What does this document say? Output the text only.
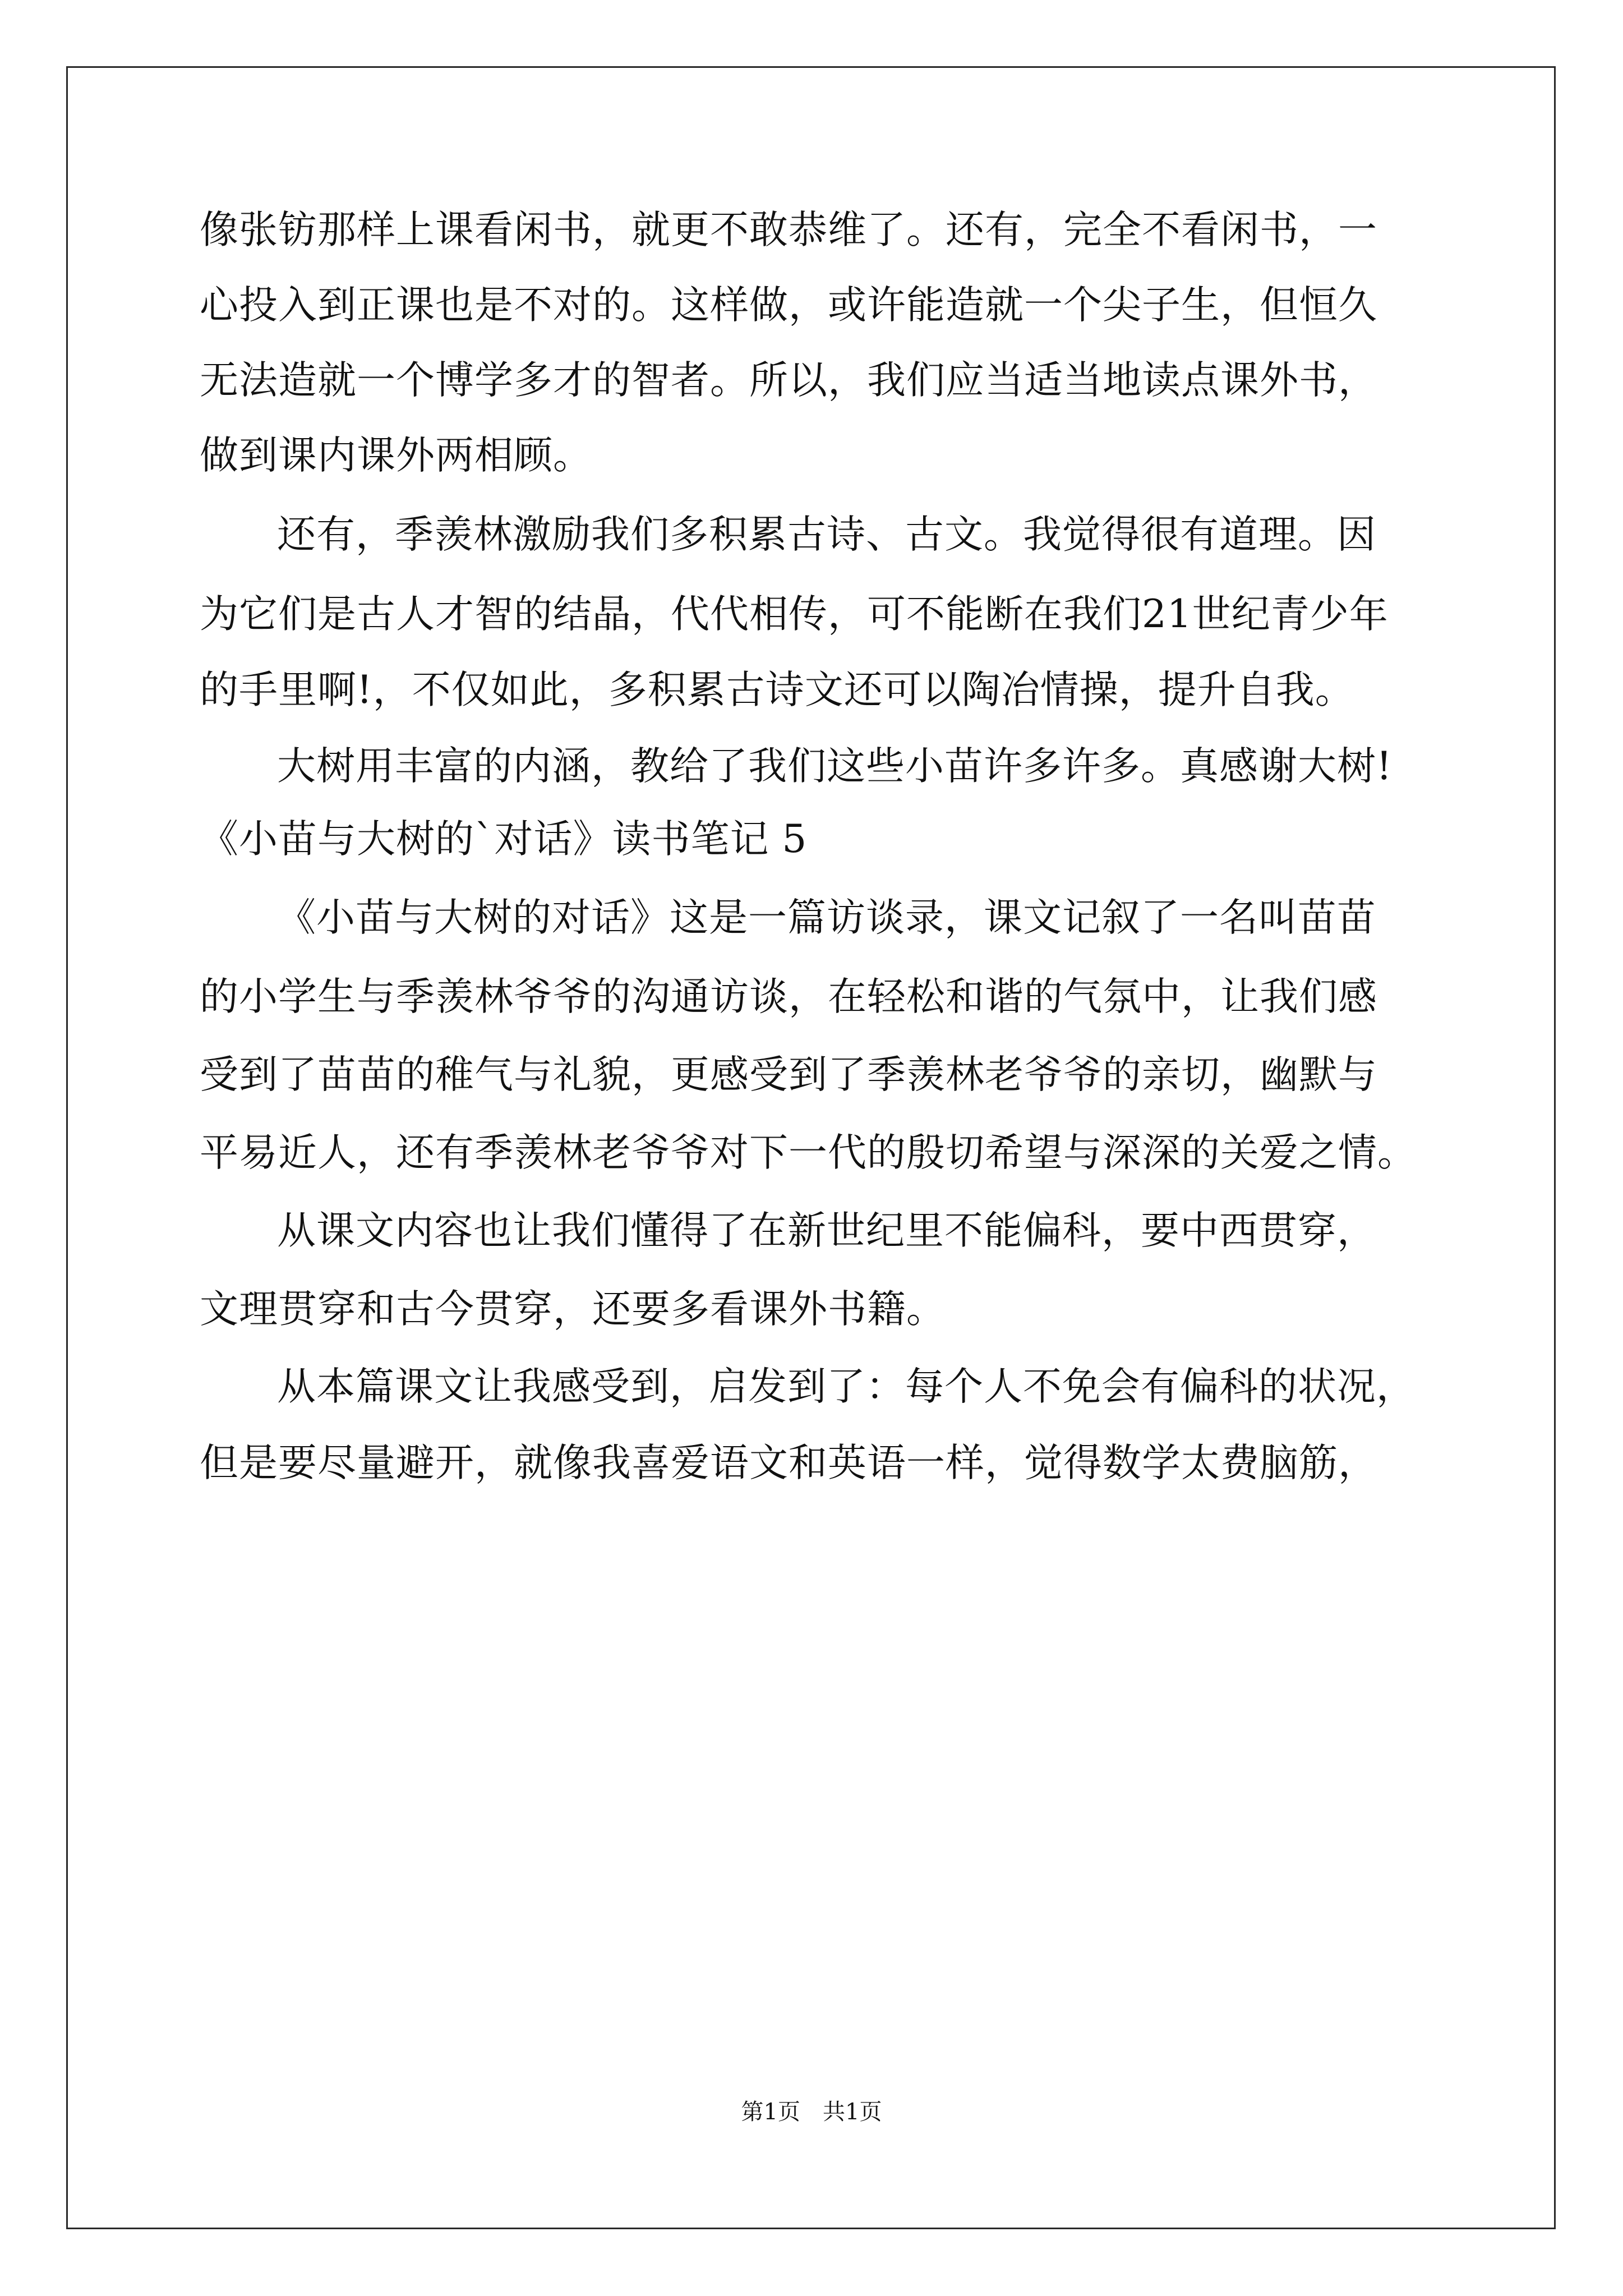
像张钫那样上课看闲书，就更不敢恭维了。还有，完全不看闲书，一
心投入到正课也是不对的。这样做，或许能造就一个尖子生，但恒久
无法造就一个博学多才的智者。所以，我们应当适当地读点课外书，
做到课内课外两相顾。
还有，季羡林激励我们多积累古诗、古文。我觉得很有道理。因
为它们是古人才智的结晶，代代相传，可不能断在我们21世纪青少年
的手里啊!，不仅如此，多积累古诗文还可以陶冶情操，提升自我。
大树用丰富的内涵，教给了我们这些小苗许多许多。真感谢大树!
《小苗与大树的`对话》读书笔记 5
《小苗与大树的对话》这是一篇访谈录，课文记叙了一名叫苗苗
的小学生与季羡林爷爷的沟通访谈，在轻松和谐的气氛中，让我们感
受到了苗苗的稚气与礼貌，更感受到了季羡林老爷爷的亲切，幽默与
平易近人，还有季羡林老爷爷对下一代的殷切希望与深深的关爱之情。
从课文内容也让我们懂得了在新世纪里不能偏科，要中西贯穿，
文理贯穿和古今贯穿，还要多看课外书籍。
从本篇课文让我感受到，启发到了：每个人不免会有偏科的状况，
但是要尽量避开，就像我喜爱语文和英语一样，觉得数学太费脑筋，
第1页　共1页
